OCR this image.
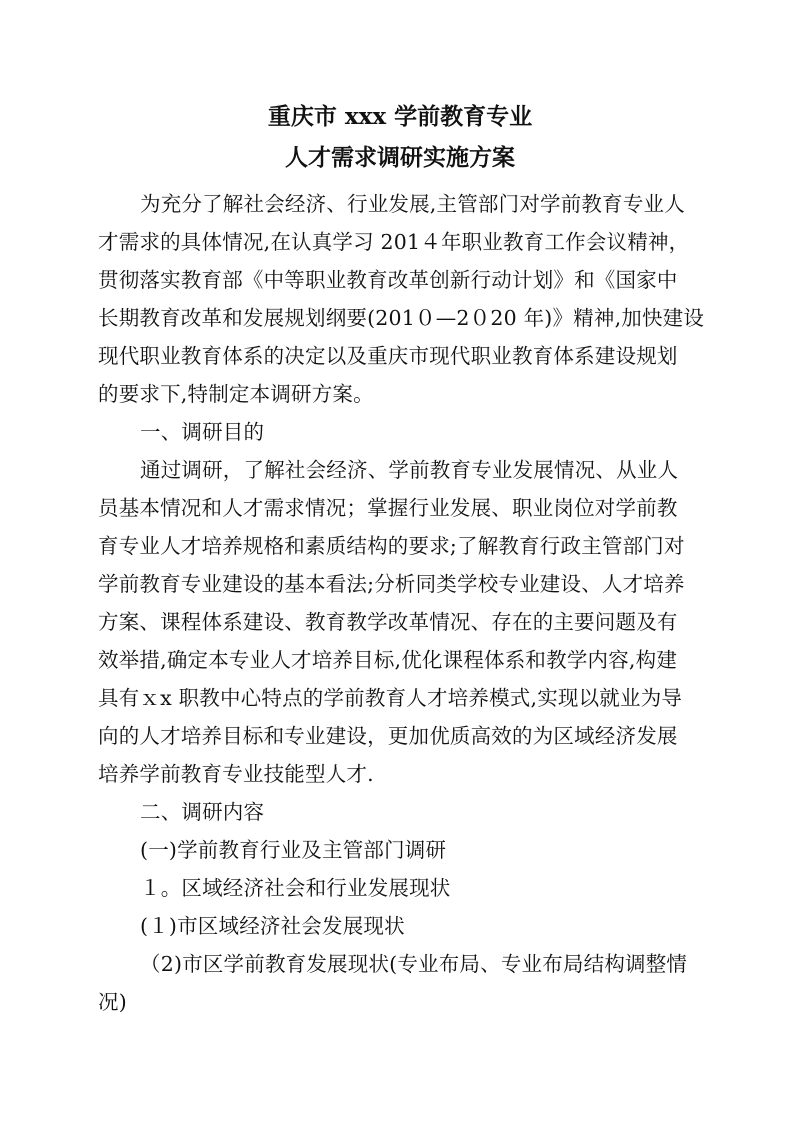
重庆市 xxx 学前教育专业
人才需求调研实施方案
为充分了解社会经济、行业发展,主管部门对学前教育专业人
才需求的具体情况,在认真学习 201４年职业教育工作会议精神，
贯彻落实教育部《中等职业教育改革创新行动计划》和《国家中
长期教育改革和发展规划纲要(201０—2０20 年)》精神,加快建设
现代职业教育体系的决定以及重庆市现代职业教育体系建设规划
的要求下,特制定本调研方案。
一、调研目的
通过调研，了解社会经济、学前教育专业发展情况、从业人
员基本情况和人才需求情况；掌握行业发展、职业岗位对学前教
育专业人才培养规格和素质结构的要求;了解教育行政主管部门对
学前教育专业建设的基本看法;分析同类学校专业建设、人才培养
方案、课程体系建设、教育教学改革情况、存在的主要问题及有
效举措,确定本专业人才培养目标,优化课程体系和教学内容,构建
具有ｘx 职教中心特点的学前教育人才培养模式,实现以就业为导
向的人才培养目标和专业建设，更加优质高效的为区域经济发展
培养学前教育专业技能型人才.
二、调研内容
(一)学前教育行业及主管部门调研
１。区域经济社会和行业发展现状
(１)市区域经济社会发展现状
（2)市区学前教育发展现状(专业布局、专业布局结构调整情
况)
